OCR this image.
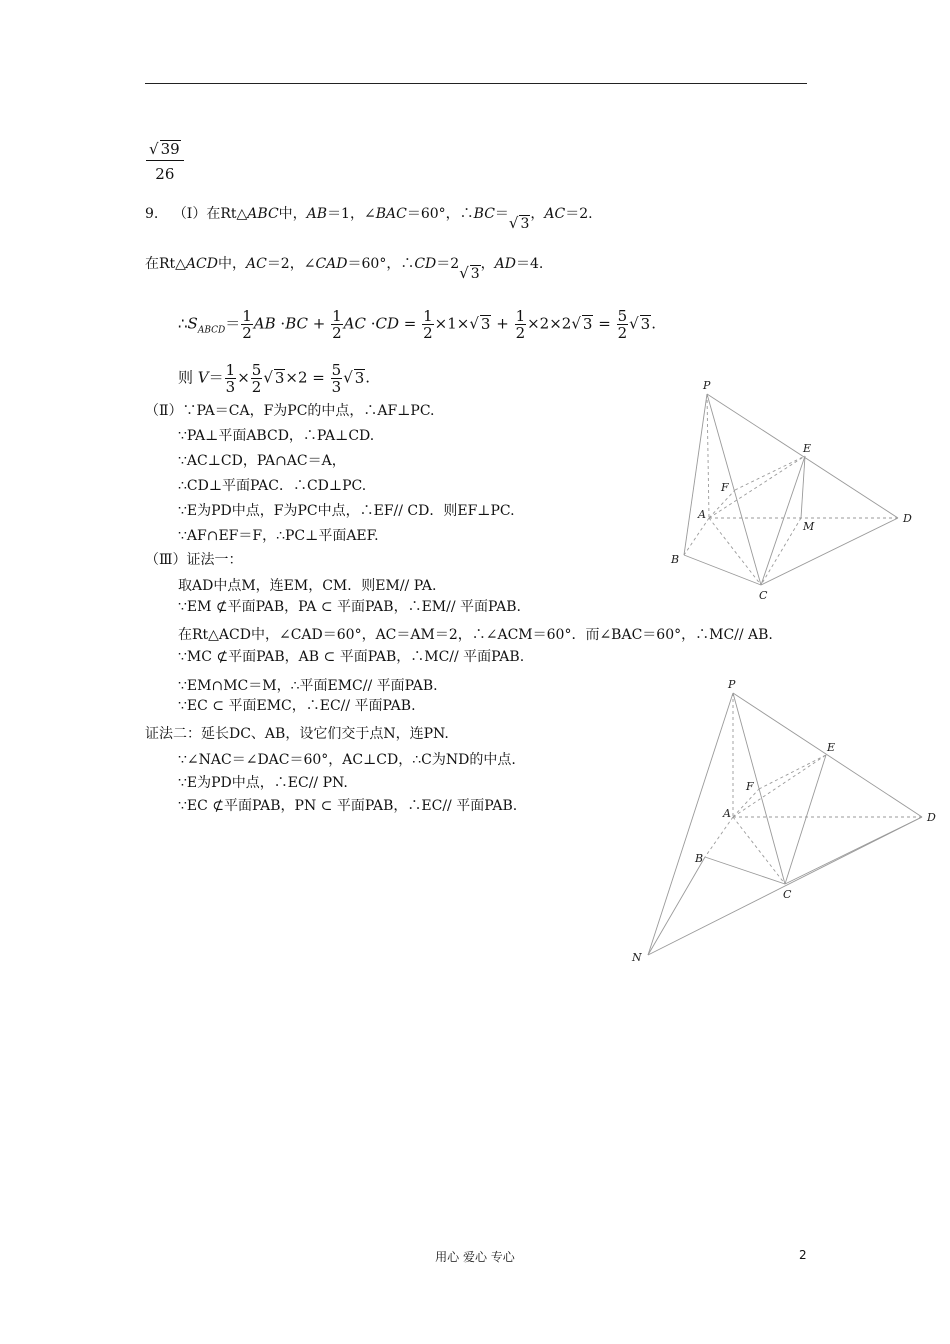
√ 39
26
9. （Ⅰ）在Rt△ABC中，AB＝1，∠BAC＝60°，∴BC＝√ 3，AC＝2.
在Rt△ACD中，AC＝2，∠CAD＝60°，∴CD＝2√ 3，AD＝4.
$\therefore S_{ABCD}= \frac{1}{2}$ AB $\cdot BC + \frac{1}{2}$ AC $\cdot CD = \frac{1}{2} \times 1\times√$ $3 + \frac{1}{2} \times 2\times 2√$ $3 = \frac{5}{2}$ √ 3.
则 $V= \frac{1}{3} \times \frac{5}{2}$ √ $3\times 2 = \frac{5}{3}$ √ 3.
（Ⅱ）∵PA＝CA，F为PC的中点，∴AF⊥PC.
∵PA⊥平面ABCD，∴PA⊥CD.
∵AC⊥CD，PA∩AC＝A，
∴CD⊥平面PAC．∴CD⊥PC.
∵E为PD中点，F为PC中点，∴EF// CD．则EF⊥PC.
∵AF∩EF＝F，∴PC⊥平面AEF.
（Ⅲ）证法一：
取AD中点M，连EM，CM．则EM// PA.
∵EM ⊄平面PAB，PA ⊂ 平面PAB，∴EM// 平面PAB.
在Rt△ACD中，∠CAD＝60°，AC＝AM＝2，∴∠ACM＝60°．而∠BAC＝60°，∴MC// AB.
∵MC ⊄平面PAB，AB ⊂ 平面PAB，∴MC// 平面PAB.
∵EM∩MC＝M，∴平面EMC// 平面PAB.
∵EC ⊂ 平面EMC，∴EC// 平面PAB.
证法二：延长DC、AB，设它们交于点N，连PN.
∵∠NAC＝∠DAC＝60°，AC⊥CD，∴C为ND的中点.
∵E为PD中点，∴EC// PN.
∵EC ⊄平面PAB，PN ⊂ 平面PAB，∴EC// 平面PAB.
P
E
F
A
M
D
B
C
P
E
F
A	D
B
C
N
用心 爱心 专心	2
